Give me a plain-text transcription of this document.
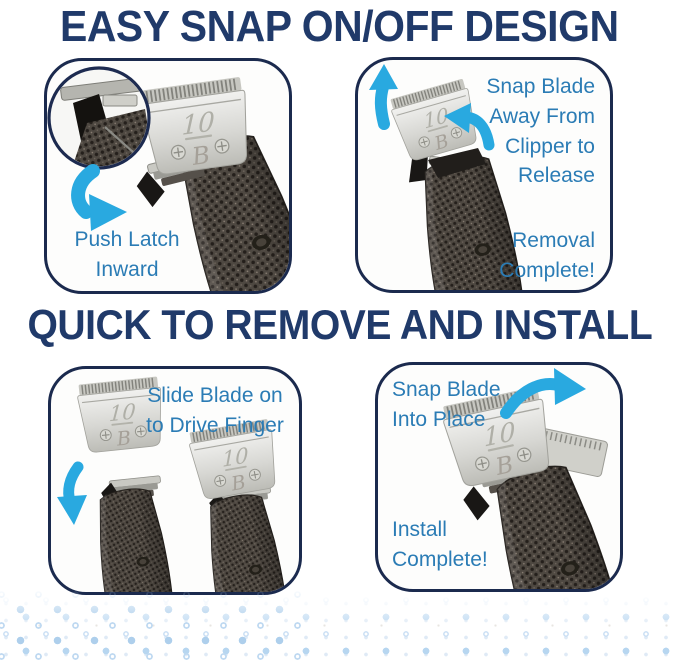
EASY SNAP ON/OFF DESIGN
Push Latch
Inward
Snap Blade
Away From
Clipper to
Release
Removal
Complete!
QUICK TO REMOVE AND INSTALL
Slide Blade on
to Drive Finger
Snap Blade
Into Place
Install
Complete!
